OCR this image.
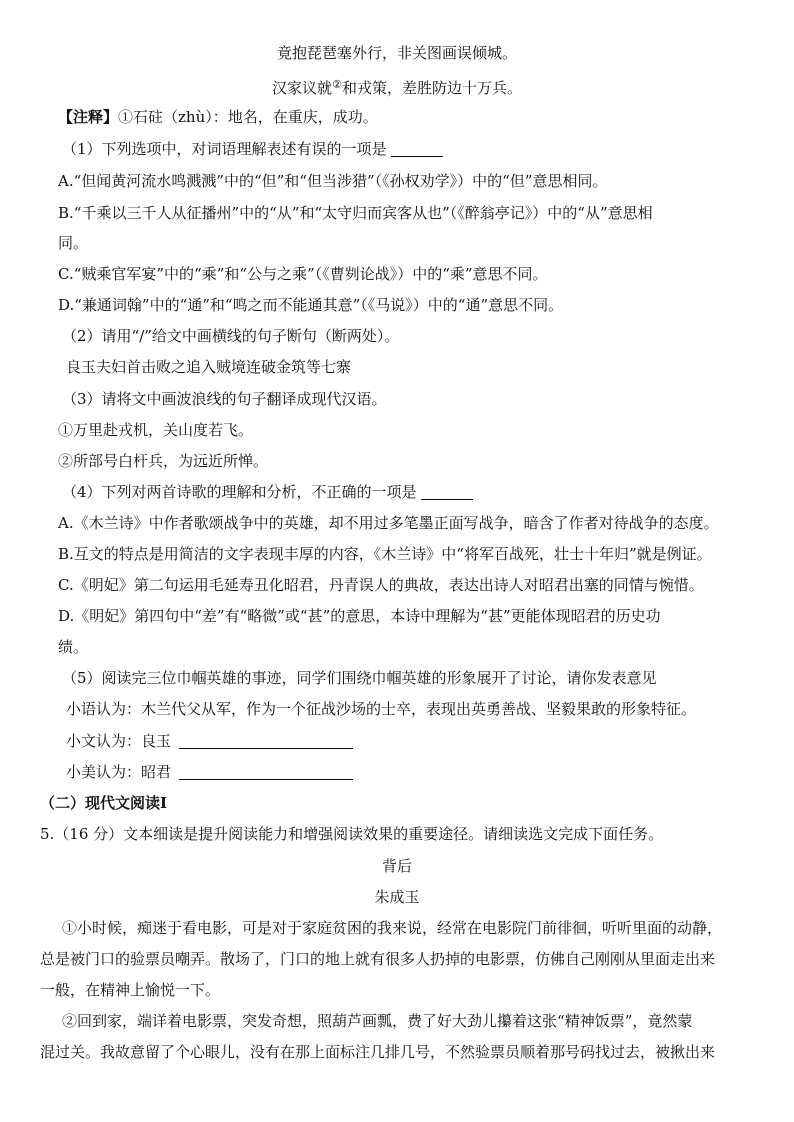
竟抱琵琶塞外行，非关图画误倾城。
汉家议就②和戎策，差胜防边十万兵。
【注释】①石砫（zhù）：地名，在重庆，成功。
（1）下列选项中，对词语理解表述有误的一项是
A.“但闻黄河流水鸣溅溅”中的“但”和“但当涉猎”（《孙权劝学》）中的“但”意思相同。
B.“千乘以三千人从征播州”中的“从”和“太守归而宾客从也”（《醉翁亭记》）中的“从”意思相
同。
C.“贼乘官军宴”中的“乘”和“公与之乘”（《曹刿论战》）中的“乘”意思不同。
D.“兼通词翰”中的“通”和“鸣之而不能通其意”（《马说》）中的“通”意思不同。
（2）请用“/”给文中画横线的句子断句（断两处）。
良玉夫妇首击败之追入贼境连破金筑等七寨
（3）请将文中画波浪线的句子翻译成现代汉语。
①万里赴戎机，关山度若飞。
②所部号白杆兵，为远近所惮。
（4）下列对两首诗歌的理解和分析，不正确的一项是
A.《木兰诗》中作者歌颂战争中的英雄，却不用过多笔墨正面写战争，暗含了作者对待战争的态度。
B.互文的特点是用简洁的文字表现丰厚的内容，《木兰诗》中“将军百战死，壮士十年归”就是例证。
C.《明妃》第二句运用毛延寿丑化昭君，丹青误人的典故，表达出诗人对昭君出塞的同情与惋惜。
D.《明妃》第四句中“差”有“略微”或“甚”的意思，本诗中理解为“甚”更能体现昭君的历史功
绩。
（5）阅读完三位巾帼英雄的事迹，同学们围绕巾帼英雄的形象展开了讨论，请你发表意见
小语认为：木兰代父从军，作为一个征战沙场的士卒，表现出英勇善战、坚毅果敢的形象特征。
小文认为：良玉
小美认为：昭君
（二）现代文阅读Ⅰ
5.（16 分）文本细读是提升阅读能力和增强阅读效果的重要途径。请细读选文完成下面任务。
背后
朱成玉
①小时候，痴迷于看电影，可是对于家庭贫困的我来说，经常在电影院门前徘徊，听听里面的动静，
总是被门口的验票员嘲弄。散场了，门口的地上就有很多人扔掉的电影票，仿佛自己刚刚从里面走出来
一般，在精神上愉悦一下。
②回到家，端详着电影票，突发奇想，照葫芦画瓢，费了好大劲儿攥着这张“精神饭票”，竟然蒙
混过关。我故意留了个心眼儿，没有在那上面标注几排几号，不然验票员顺着那号码找过去，被揪出来
